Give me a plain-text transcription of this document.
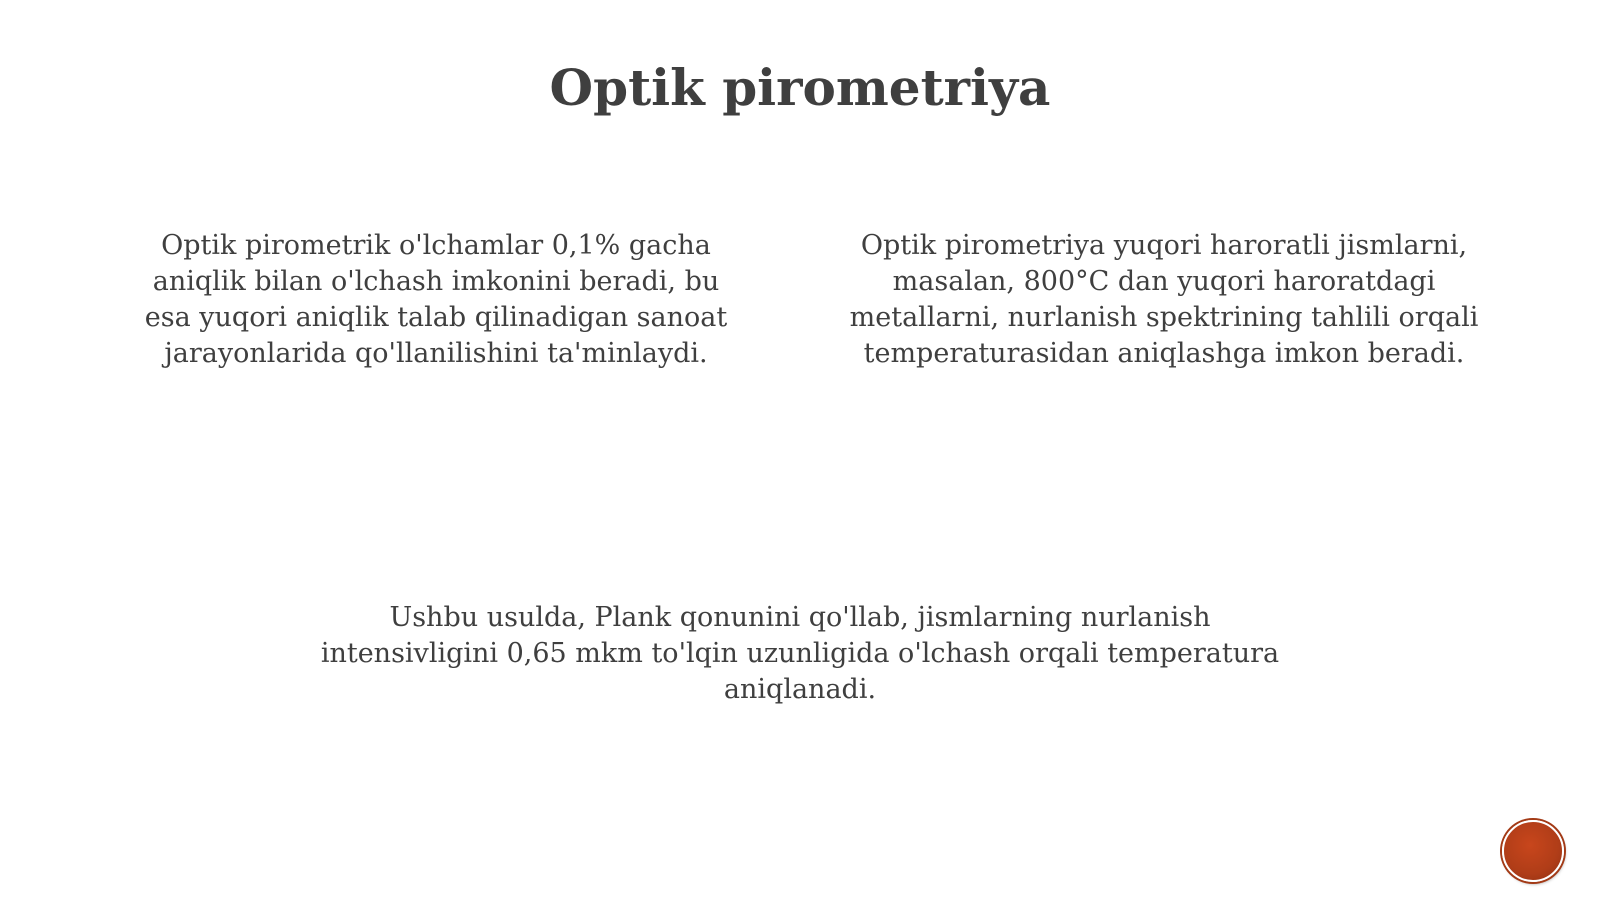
Optik pirometriya
Optik pirometrik o'lchamlar 0,1% gacha
aniqlik bilan o'lchash imkonini beradi, bu
esa yuqori aniqlik talab qilinadigan sanoat
jarayonlarida qo'llanilishini ta'minlaydi.
Optik pirometriya yuqori haroratli jismlarni,
masalan, 800°C dan yuqori haroratdagi
metallarni, nurlanish spektrining tahlili orqali
temperaturasidan aniqlashga imkon beradi.
Ushbu usulda, Plank qonunini qo'llab, jismlarning nurlanish
intensivligini 0,65 mkm to'lqin uzunligida o'lchash orqali temperatura
aniqlanadi.
